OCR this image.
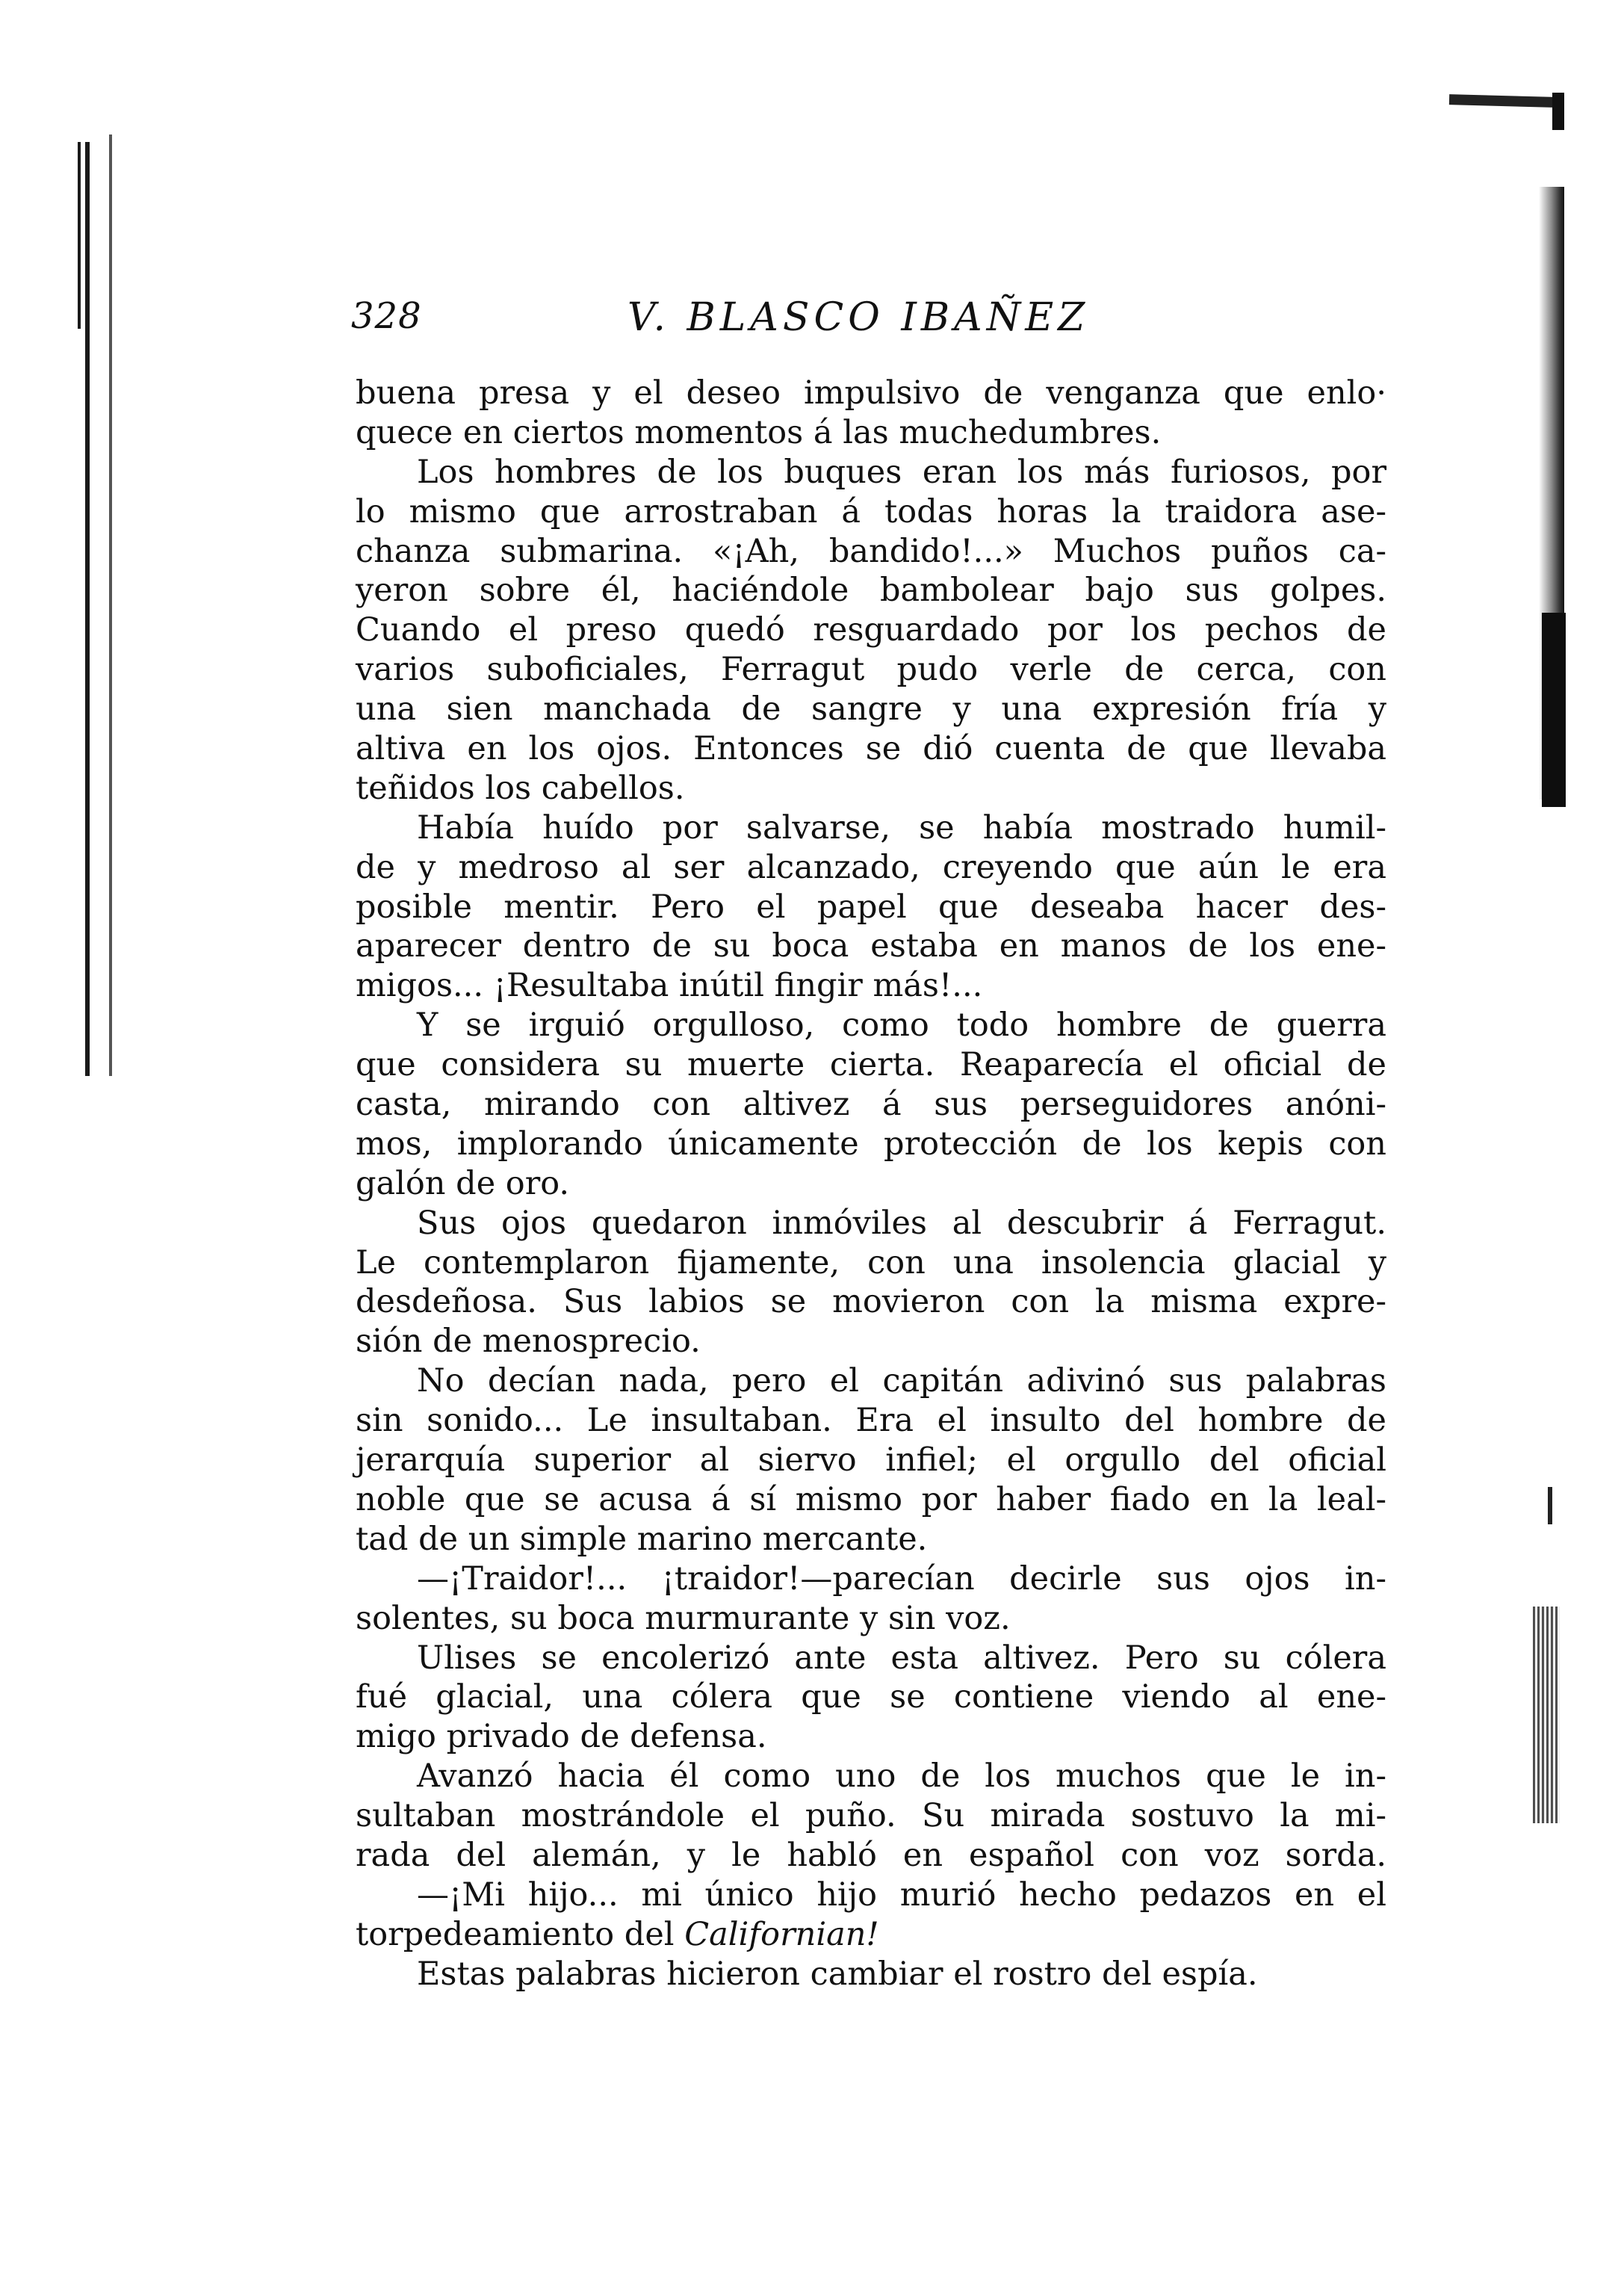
328	V. BLASCO IBAÑEZ
buena presa y el deseo impulsivo de venganza que enlo·
quece en ciertos momentos á las muchedumbres.
Los hombres de los buques eran los más furiosos, por
lo mismo que arrostraban á todas horas la traidora ase-
chanza submarina. «¡Ah, bandido!...» Muchos puños ca-
yeron sobre él, haciéndole bambolear bajo sus golpes.
Cuando el preso quedó resguardado por los pechos de
varios suboficiales, Ferragut pudo verle de cerca, con
una sien manchada de sangre y una expresión fría y
altiva en los ojos. Entonces se dió cuenta de que llevaba
teñidos los cabellos.
Había huído por salvarse, se había mostrado humil-
de y medroso al ser alcanzado, creyendo que aún le era
posible mentir. Pero el papel que deseaba hacer des-
aparecer dentro de su boca estaba en manos de los ene-
migos... ¡Resultaba inútil fingir más!...
Y se irguió orgulloso, como todo hombre de guerra
que considera su muerte cierta. Reaparecía el oficial de
casta, mirando con altivez á sus perseguidores anóni-
mos, implorando únicamente protección de los kepis con
galón de oro.
Sus ojos quedaron inmóviles al descubrir á Ferragut.
Le contemplaron fijamente, con una insolencia glacial y
desdeñosa. Sus labios se movieron con la misma expre-
sión de menosprecio.
No decían nada, pero el capitán adivinó sus palabras
sin sonido... Le insultaban. Era el insulto del hombre de
jerarquía superior al siervo infiel; el orgullo del oficial
noble que se acusa á sí mismo por haber fiado en la leal-
tad de un simple marino mercante.
—¡Traidor!... ¡traidor!—parecían decirle sus ojos in-
solentes, su boca murmurante y sin voz.
Ulises se encolerizó ante esta altivez. Pero su cólera
fué glacial, una cólera que se contiene viendo al ene-
migo privado de defensa.
Avanzó hacia él como uno de los muchos que le in-
sultaban mostrándole el puño. Su mirada sostuvo la mi-
rada del alemán, y le habló en español con voz sorda.
—¡Mi hijo... mi único hijo murió hecho pedazos en el
torpedeamiento del Californian!
Estas palabras hicieron cambiar el rostro del espía.
